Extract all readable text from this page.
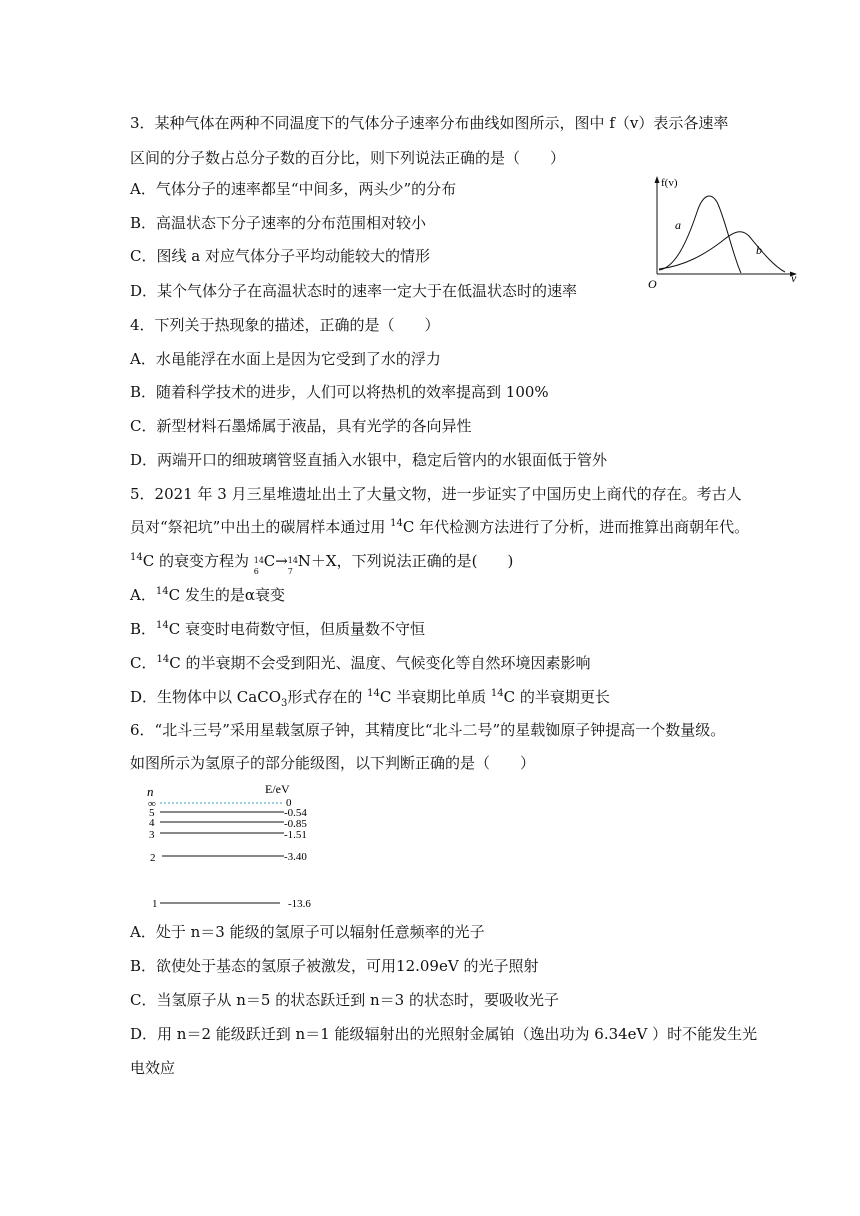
3．某种气体在两种不同温度下的气体分子速率分布曲线如图所示，图中 f（v）表示各速率
区间的分子数占总分子数的百分比，则下列说法正确的是（　　）
A．气体分子的速率都呈“中间多，两头少”的分布
B．高温状态下分子速率的分布范围相对较小
C．图线 a 对应气体分子平均动能较大的情形
D．某个气体分子在高温状态时的速率一定大于在低温状态时的速率
f(v)
v
O
a
b
4．下列关于热现象的描述，正确的是（　　）
A．水黾能浮在水面上是因为它受到了水的浮力
B．随着科学技术的进步，人们可以将热机的效率提高到 100%
C．新型材料石墨烯属于液晶，具有光学的各向异性
D．两端开口的细玻璃管竖直插入水银中，稳定后管内的水银面低于管外
5．2021 年 3 月三星堆遗址出土了大量文物，进一步证实了中国历史上商代的存在。考古人
员对“祭祀坑”中出土的碳屑样本通过用 $^{14}$C 年代检测方法进行了分析，进而推算出商朝年代。
$^{14}$C 的衰变方程为 14
6
C→ 14
7
N＋X，下列说法正确的是(　　)
A．$^{14}$C 发生的是α衰变
B．$^{14}$C 衰变时电荷数守恒，但质量数不守恒
C．$^{14}$C 的半衰期不会受到阳光、温度、气候变化等自然环境因素影响
D．生物体中以 CaCO$_3$形式存在的 $^{14}$C 半衰期比单质 $^{14}$C 的半衰期更长
6．“北斗三号”采用星载氢原子钟，其精度比“北斗二号”的星载铷原子钟提高一个数量级。
如图所示为氢原子的部分能级图，以下判断正确的是（　　）
n	E/eV
∞	0
5	-0.54
4	-0.85
3	-1.51
2	-3.40
1	-13.6
A．处于 n＝3 能级的氢原子可以辐射任意频率的光子
B．欲使处于基态的氢原子被激发，可用12.09eV 的光子照射
C．当氢原子从 n＝5 的状态跃迁到 n＝3 的状态时，要吸收光子
D．用 n＝2 能级跃迁到 n＝1 能级辐射出的光照射金属铂（逸出功为 6.34eV ）时不能发生光
电效应
